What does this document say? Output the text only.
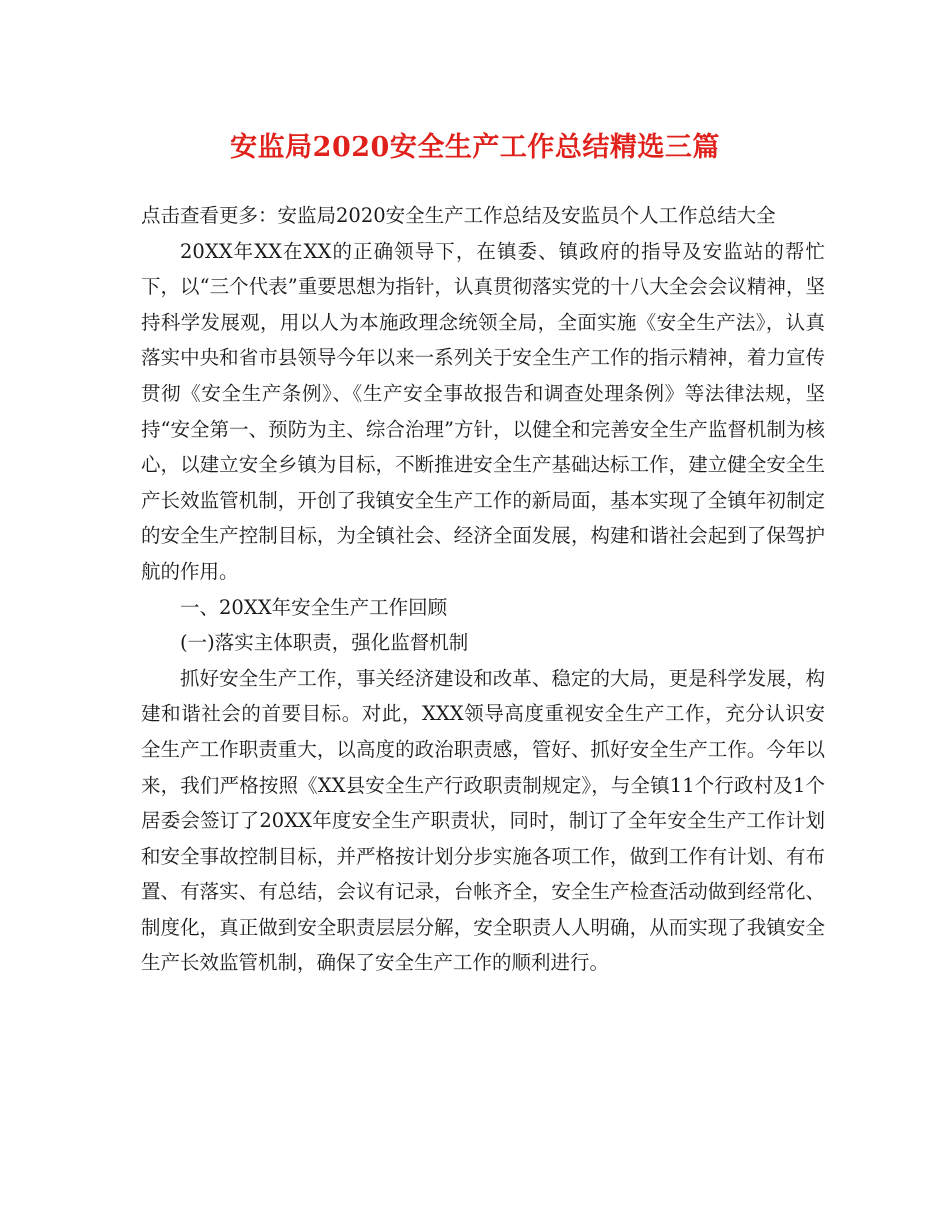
安监局2020安全生产工作总结精选三篇

点击查看更多：安监局2020安全生产工作总结及安监员个人工作总结大全

20XX年XX在XX的正确领导下，在镇委、镇政府的指导及安监站的帮忙下，以“三个代表”重要思想为指针，认真贯彻落实党的十八大全会会议精神，坚持科学发展观，用以人为本施政理念统领全局，全面实施《安全生产法》，认真落实中央和省市县领导今年以来一系列关于安全生产工作的指示精神，着力宣传贯彻《安全生产条例》、《生产安全事故报告和调查处理条例》等法律法规，坚持“安全第一、预防为主、综合治理”方针，以健全和完善安全生产监督机制为核心，以建立安全乡镇为目标，不断推进安全生产基础达标工作，建立健全安全生产长效监管机制，开创了我镇安全生产工作的新局面，基本实现了全镇年初制定的安全生产控制目标，为全镇社会、经济全面发展，构建和谐社会起到了保驾护航的作用。

一、20XX年安全生产工作回顾

(一)落实主体职责，强化监督机制

抓好安全生产工作，事关经济建设和改革、稳定的大局，更是科学发展，构建和谐社会的首要目标。对此，XXX领导高度重视安全生产工作，充分认识安全生产工作职责重大，以高度的政治职责感，管好、抓好安全生产工作。今年以来，我们严格按照《XX县安全生产行政职责制规定》，与全镇11个行政村及1个居委会签订了20XX年度安全生产职责状，同时，制订了全年安全生产工作计划和安全事故控制目标，并严格按计划分步实施各项工作，做到工作有计划、有布置、有落实、有总结，会议有记录，台帐齐全，安全生产检查活动做到经常化、制度化，真正做到安全职责层层分解，安全职责人人明确，从而实现了我镇安全生产长效监管机制，确保了安全生产工作的顺利进行。
